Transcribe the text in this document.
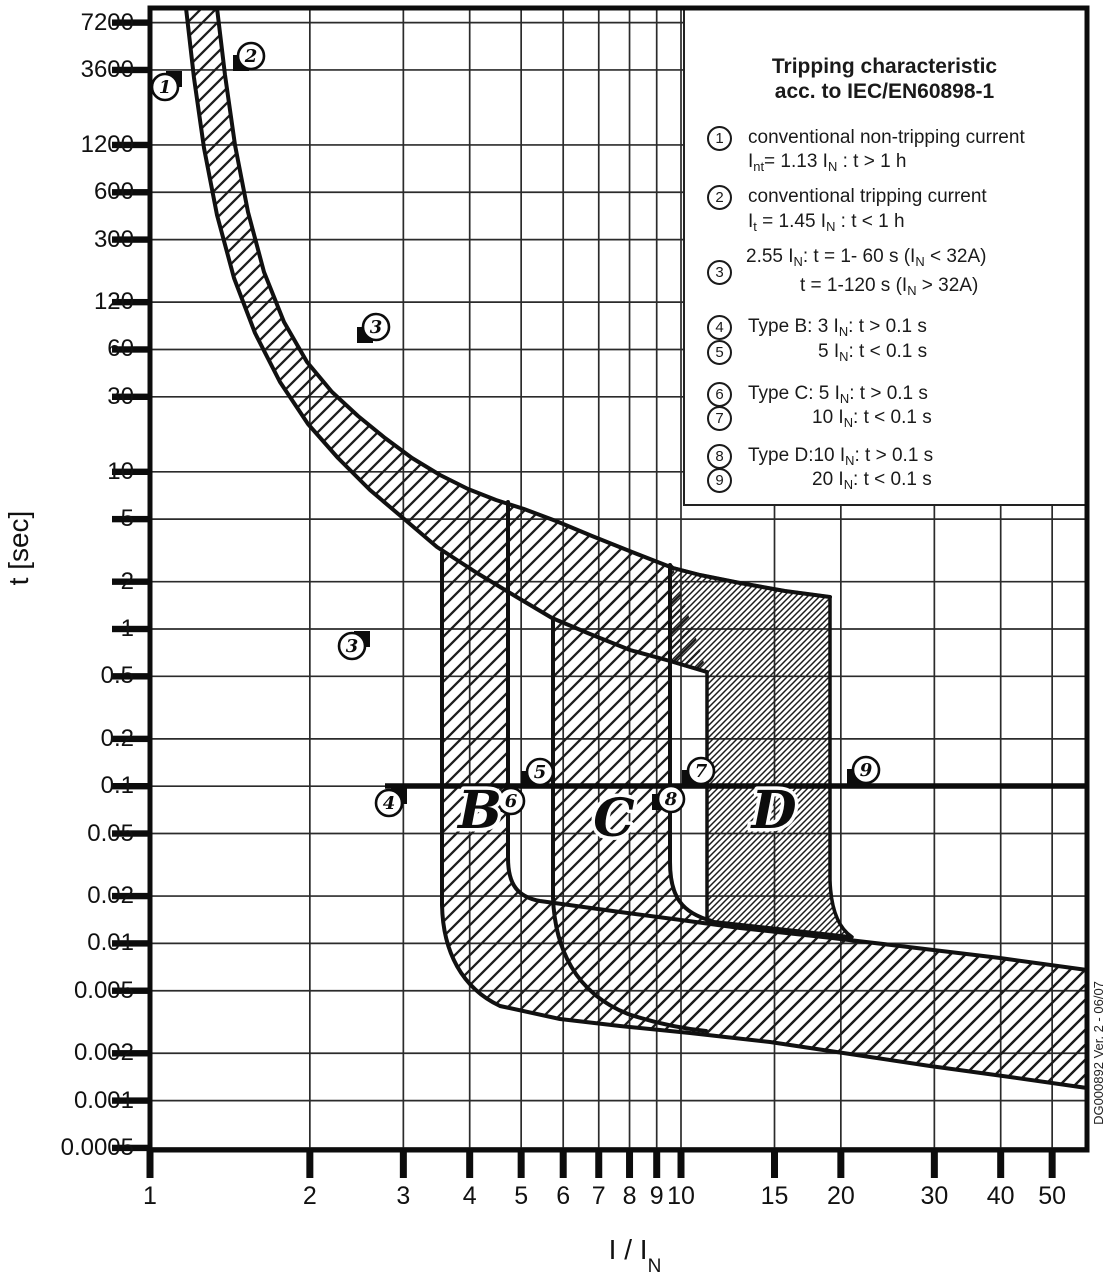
1
2
3
3
4
5
6
7
8
9
B C D
t [sec]
I / $I_N$
Tripping characteristic
acc. to IEC/EN60898-1
7200
3600
1200
600
300
120
60
30
10
5
2
1
0.5
0.2
0.1
0.05
0.02
0.01
0.005
0.002
0.001
0.0005
1	2	3	4	5	6 7 8 9 10	15	20	30	40 50
1	conventional non-tripping current
$I_{nt}= 1.13$ $I_N$ : t > 1 h
2	conventional tripping current
$I_t = 1.45$ $I_N$ : t < 1 h
3
2.55 $I_N$: t = 1- 60 s $(I_N < 32A)$
t = 1-120 s $(I_N > 32A)$
4	Type B: 3 $I_N$: t > 0.1 s
5	5 $I_N$: t < 0.1 s
6	Type C: 5 $I_N$: t > 0.1 s
7	10 $I_N$: t < 0.1 s
8	Type D:10 $I_N$: t > 0.1 s
9	20 $I_N$: t < 0.1 s
DG000892 Ver. 2 - 06/07
